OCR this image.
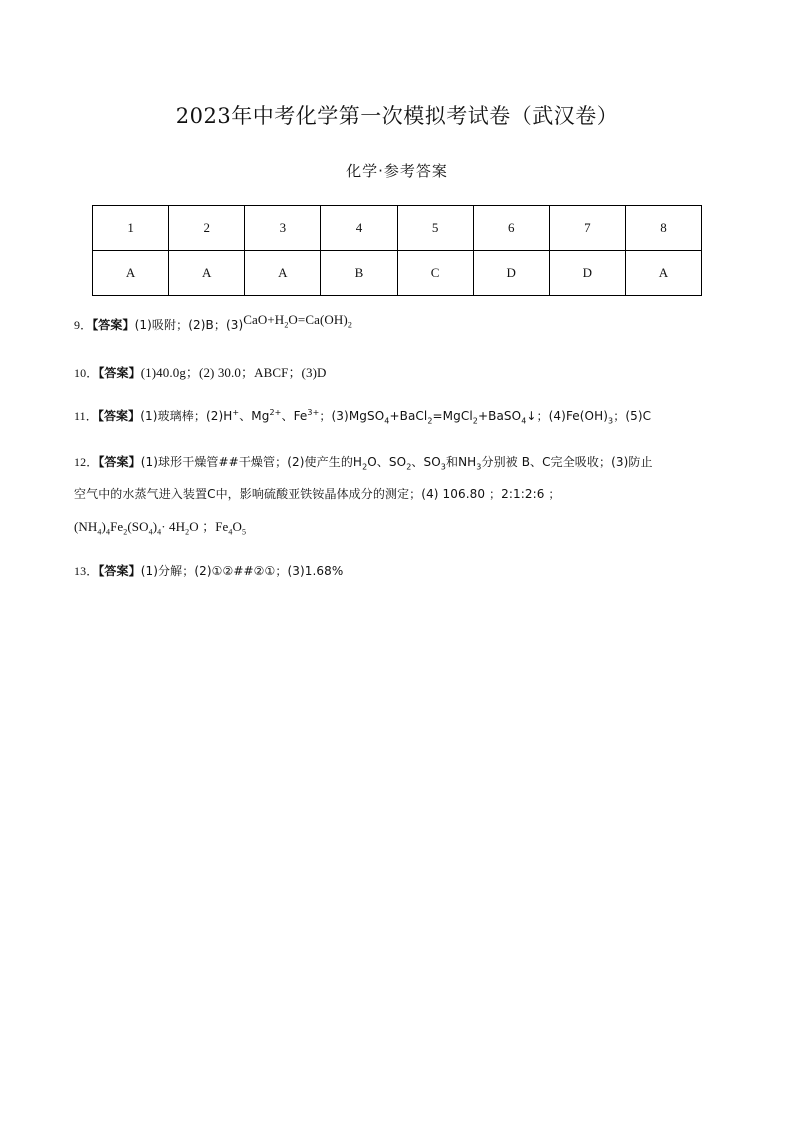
2023年中考化学第一次模拟考试卷（武汉卷）
化学·参考答案
1	2	3	4	5	6	7	8
A	A	A	B	C	D	D	A
9．【答案】(1)吸附；(2)B；$(3)CaO+H_2O=Ca(OH)_2$
10．【答案】(1)40.0g；(2) 30.0；ABCF；(3)D
11．【答案】(1)玻璃棒；(2)H+、$Mg^{2+}$、$Fe^{3+}$；(3)MgSO$_4$+BaCl$_2$=MgCl$_2$+BaSO$_4$↓；$(4)Fe(OH)_3$；(5)C
12．【答案】(1)球形干燥管##干燥管；(2)使产生的$H_2O$、$SO_2$、$SO_3$和$NH_3$分别被 B、C完全吸收；(3)防止
空气中的水蒸气进入装置C中，影响硫酸亚铁铵晶体成分的测定；(4) 106.80 ；2:1:2:6 ；
$(NH_4)_4Fe_2(SO_4)_4\cdot 4H_2O$ ；$Fe_4O_5$
13．【答案】(1)分解；(2)①②##②①；(3)1.68%
